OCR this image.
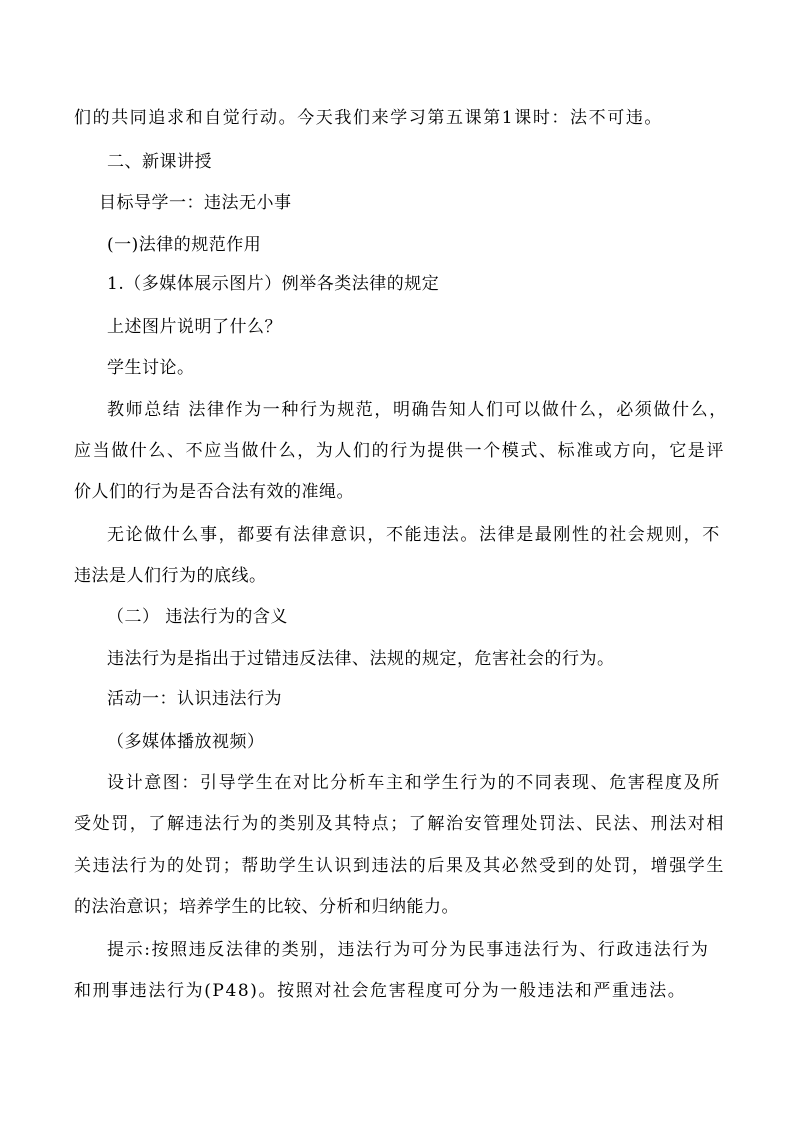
们的共同追求和自觉行动。今天我们来学习第五课第1课时：法不可违。
二、新课讲授
目标导学一：违法无小事
(一)法律的规范作用
1.（多媒体展示图片）例举各类法律的规定
上述图片说明了什么？
学生讨论。
教师总结 法律作为一种行为规范，明确告知人们可以做什么，必须做什么，
应当做什么、不应当做什么，为人们的行为提供一个模式、标准或方向，它是评
价人们的行为是否合法有效的准绳。
无论做什么事，都要有法律意识，不能违法。法律是最刚性的社会规则，不
违法是人们行为的底线。
（二） 违法行为的含义
违法行为是指出于过错违反法律、法规的规定，危害社会的行为。
活动一：认识违法行为
（多媒体播放视频）
设计意图：引导学生在对比分析车主和学生行为的不同表现、危害程度及所
受处罚，了解违法行为的类别及其特点；了解治安管理处罚法、民法、刑法对相
关违法行为的处罚；帮助学生认识到违法的后果及其必然受到的处罚，增强学生
的法治意识；培养学生的比较、分析和归纳能力。
提示:按照违反法律的类别，违法行为可分为民事违法行为、行政违法行为
和刑事违法行为(P48)。按照对社会危害程度可分为一般违法和严重违法。
